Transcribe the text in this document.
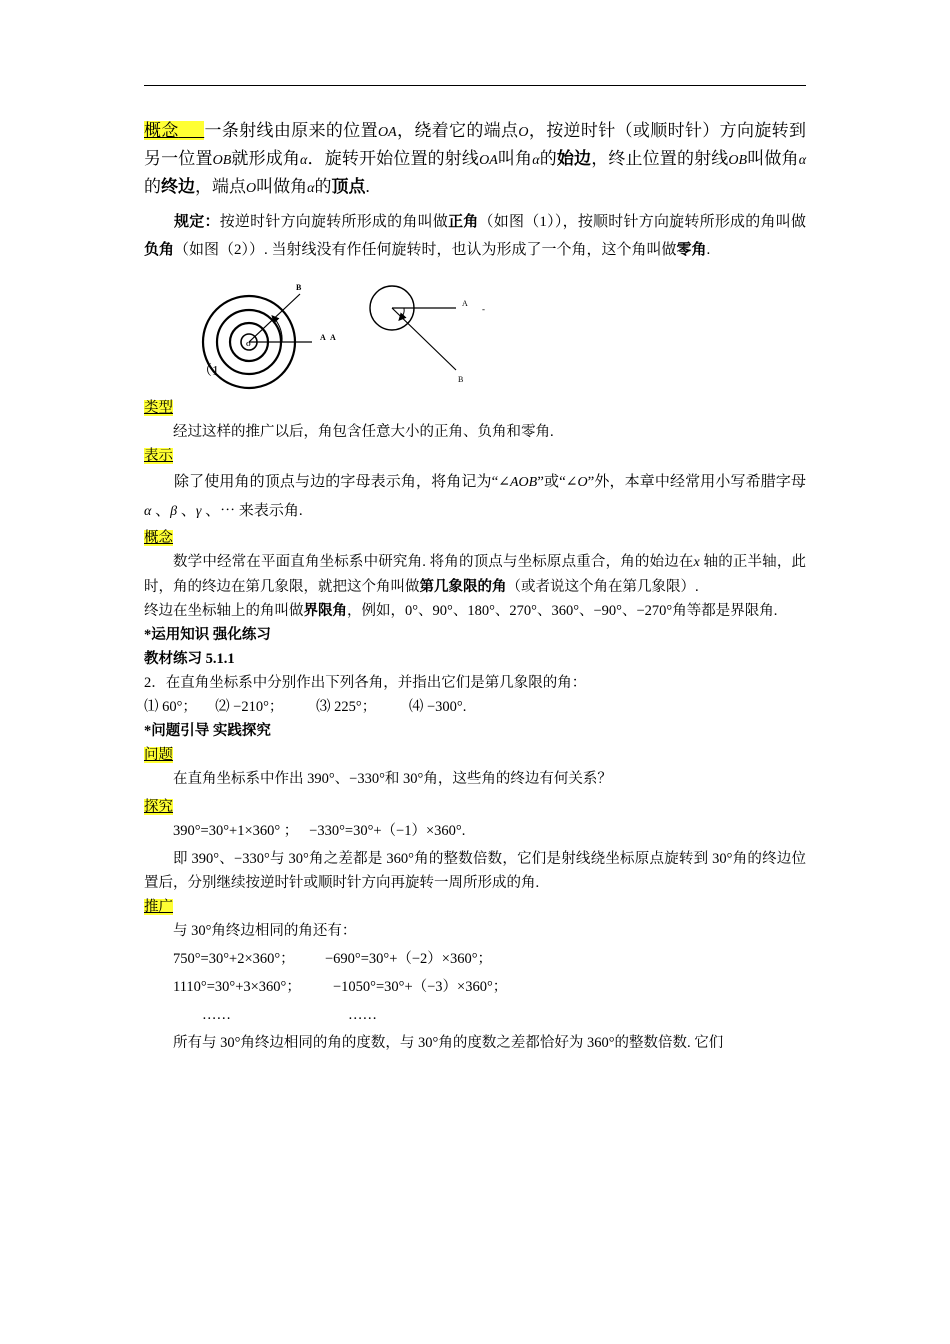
概念   一条射线由原来的位置OA，绕着它的端点O，按逆时针（或顺时针）方向旋转到另一位置OB就形成角α．旋转开始位置的射线OA叫角α的始边，终止位置的射线OB叫做角α的终边，端点O叫做角α的顶点.

规定：按逆时针方向旋转所形成的角叫做正角（如图（1）），按顺时针方向旋转所形成的角叫做负角（如图（2））. 当射线没有作任何旋转时，也认为形成了一个角，这个角叫做零角.

O
B
A A
A
-
B
（1

类型

经过这样的推广以后，角包含任意大小的正角、负角和零角.

表示

除了使用角的顶点与边的字母表示角，将角记为“∠AOB”或“∠O”外，本章中经常用小写希腊字母α 、β 、γ 、⋯ 来表示角.

概念

数学中经常在平面直角坐标系中研究角. 将角的顶点与坐标原点重合，角的始边在x 轴的正半轴，此时，角的终边在第几象限，就把这个角叫做第几象限的角（或者说这个角在第几象限）.

终边在坐标轴上的角叫做界限角，例如，0°、90°、180°、270°、360°、−90°、−270°角等都是界限角.

*运用知识 强化练习

教材练习 5.1.1

2．在直角坐标系中分别作出下列各角，并指出它们是第几象限的角：

⑴ 60°；  ⑵ −210°；   ⑶ 225°；   ⑷ −300°.

*问题引导 实践探究

问题

在直角坐标系中作出 390°、−330°和 30°角，这些角的终边有何关系？

探究

390°=30°+1×360° ；   −330°=30°+（−1）×360°.

即 390°、−330°与 30°角之差都是 360°角的整数倍数，它们是射线绕坐标原点旋转到 30°角的终边位置后，分别继续按逆时针或顺时针方向再旋转一周所形成的角.

推广

与 30°角终边相同的角还有：

750°=30°+2×360°； −690°=30°+（−2）×360°；

1110°=30°+3×360°； −1050°=30°+（−3）×360°；

……	……

所有与 30°角终边相同的角的度数，与 30°角的度数之差都恰好为 360°的整数倍数. 它们
